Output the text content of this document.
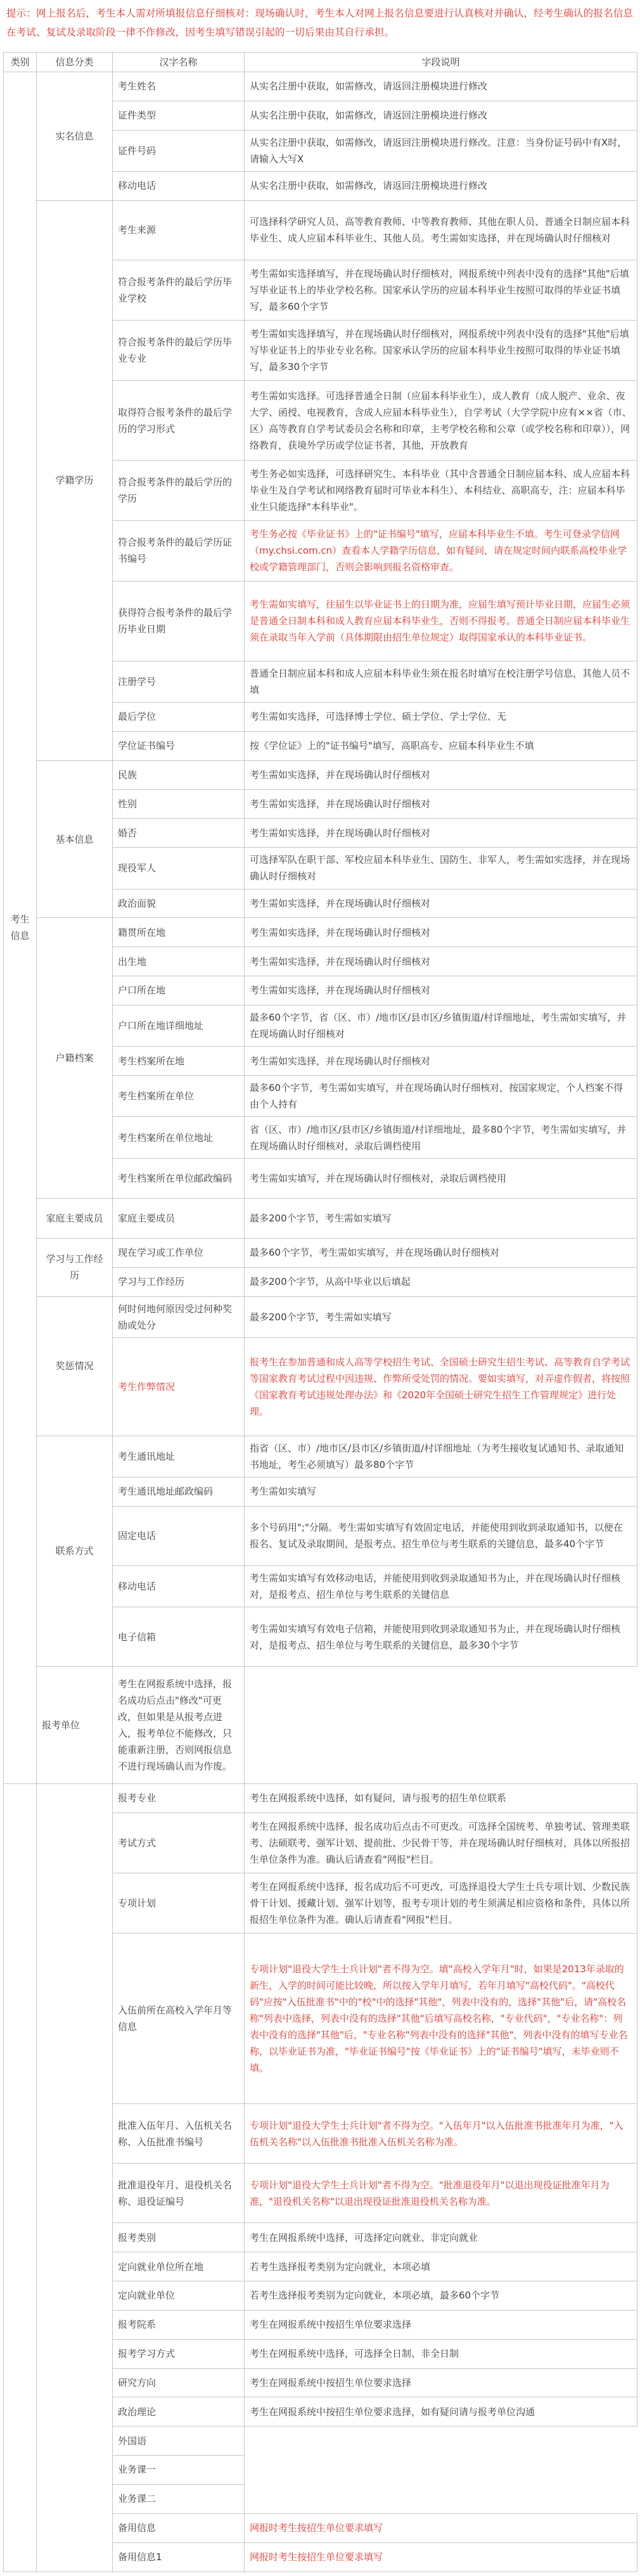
提示：网上报名后，考生本人需对所填报信息仔细核对：现场确认时，考生本人对网上报名信息要进行认真核对并确认，经考生确认的报名信息在考试、复试及录取阶段一律不作修改，因考生填写错误引起的一切后果由其自行承担。
类别	信息分类	汉字名称	字段说明
考生信息	实名信息	考生姓名	从实名注册中获取，如需修改，请返回注册模块进行修改
		证件类型	从实名注册中获取，如需修改，请返回注册模块进行修改
		证件号码	从实名注册中获取，如需修改，请返回注册模块进行修改。注意：当身份证号码中有X时，请输入大写X
		移动电话	从实名注册中获取，如需修改，请返回注册模块进行修改
	学籍学历	考生来源	可选择科学研究人员、高等教育教师、中等教育教师、其他在职人员、普通全日制应届本科毕业生、成人应届本科毕业生、其他人员。考生需如实选择，并在现场确认时仔细核对
		符合报考条件的最后学历毕业学校	考生需如实选择填写，并在现场确认时仔细核对，网报系统中列表中没有的选择"其他"后填写毕业证书上的毕业学校名称。国家承认学历的应届本科毕业生按照可取得的毕业证书填写，最多60个字节
		符合报考条件的最后学历毕业专业	考生需如实选择填写，并在现场确认时仔细核对，网报系统中列表中没有的选择"其他"后填写毕业证书上的毕业专业名称。国家承认学历的应届本科毕业生按照可取得的毕业证书填写，最多30个字节
		取得符合报考条件的最后学历的学习形式	考生需如实选择。可选择普通全日制（应届本科毕业生），成人教育（成人脱产、业余、夜大学、函授、电视教育，含成人应届本科毕业生），自学考试（大学学院中应有××省（市、区）高等教育自学考试委员会名称和印章，主考学校名称和公章（或学校名称和印章）），网络教育，获境外学历或学位证书者，其他，开放教育
		符合报考条件的最后学历的学历	考生务必如实选择，可选择研究生、本科毕业（其中含普通全日制应届本科、成人应届本科毕业生及自学考试和网络教育届时可毕业本科生）、本科结业、高职高专，注：应届本科毕业生只能选择"本科毕业"。
		符合报考条件的最后学历证书编号	考生务必按《毕业证书》上的"证书编号"填写，应届本科毕业生不填。考生可登录学信网（my.chsi.com.cn）查看本人学籍学历信息，如有疑问，请在规定时间内联系高校毕业学校或学籍管理部门，否则会影响到报名资格审查。
		获得符合报考条件的最后学历毕业日期	考生需如实填写，往届生以毕业证书上的日期为准，应届生填写预计毕业日期，应届生必须是普通全日制本科和成人教育应届本科毕业生，否则不得报考。普通全日制应届本科毕业生须在录取当年入学前（具体期限由招生单位规定）取得国家承认的本科毕业证书。
		注册学号	普通全日制应届本科和成人应届本科毕业生须在报名时填写在校注册学号信息，其他人员不填
		最后学位	考生需如实选择，可选择博士学位、硕士学位、学士学位、无
		学位证书编号	按《学位证》上的"证书编号"填写，高职高专、应届本科毕业生不填
	基本信息	民族	考生需如实选择，并在现场确认时仔细核对
		性别	考生需如实选择，并在现场确认时仔细核对
		婚否	考生需如实选择，并在现场确认时仔细核对
		现役军人	可选择军队在职干部、军校应届本科毕业生、国防生、非军人，考生需如实选择，并在现场确认时仔细核对
		政治面貌	考生需如实选择，并在现场确认时仔细核对
	户籍档案	籍贯所在地	考生需如实选择，并在现场确认时仔细核对
		出生地	考生需如实选择，并在现场确认时仔细核对
		户口所在地	考生需如实选择，并在现场确认时仔细核对
		户口所在地详细地址	最多60个字节，省（区、市）/地市区/县市区/乡镇街道/村详细地址，考生需如实填写，并在现场确认时仔细核对
		考生档案所在地	考生需如实选择，并在现场确认时仔细核对
		考生档案所在单位	最多60个字节，考生需如实填写，并在现场确认时仔细核对，按国家规定，个人档案不得由个人持有
		考生档案所在单位地址	省（区、市）/地市区/县市区/乡镇街道/村详细地址，最多80个字节，考生需如实填写，并在现场确认时仔细核对，录取后调档使用
		考生档案所在单位邮政编码	考生需如实填写，并在现场确认时仔细核对，录取后调档使用
	家庭主要成员	家庭主要成员	最多200个字节，考生需如实填写
	学习与工作经历	现在学习或工作单位	最多60个字节，考生需如实填写，并在现场确认时仔细核对
		学习与工作经历	最多200个字节，从高中毕业以后填起
	奖惩情况	何时何地何原因受过何种奖励或处分	最多200个字节，考生需如实填写
		考生作弊情况	报考生在参加普通和成人高等学校招生考试、全国硕士研究生招生考试、高等教育自学考试等国家教育考试过程中因违规、作弊所受处罚的情况。要如实填写，对弄虚作假者，将按照《国家教育考试违规处理办法》和《2020年全国硕士研究生招生工作管理规定》进行处理。
	联系方式	考生通讯地址	指省（区、市）/地市区/县市区/乡镇街道/村详细地址（为考生接收复试通知书、录取通知书地址，考生必须填写）最多80个字节
		考生通讯地址邮政编码	考生需如实填写
		固定电话	多个号码用";"分隔。考生需如实填写有效固定电话，并能使用到收到录取通知书，以便在报名、复试及录取期间，是报考点、招生单位与考生联系的关键信息，最多40个字节
		移动电话	考生需如实填写有效移动电话，并能使用到收到录取通知书为止，并在现场确认时仔细核对，是报考点、招生单位与考生联系的关键信息
		电子信箱	考生需如实填写有效电子信箱，并能使用到收到录取通知书为止，并在现场确认时仔细核对，是报考点、招生单位与考生联系的关键信息，最多30个字节
	报考单位	考生在网报系统中选择，报名成功后点击"修改"可更改，但如果是从报考点进入，报考单位不能修改，只能重新注册，否则网报信息不进行现场确认而为作废。	
		报考专业	考生在网报系统中选择，如有疑问，请与报考的招生单位联系
		考试方式	考生在网报系统中选择，报名成功后点击不可更改。可选择全国统考、单独考试、管理类联考、法硕联考、强军计划、提前批、少民骨干等，并在现场确认时仔细核对，具体以所报招生单位条件为准。确认后请查看"网报"栏目。
		专项计划	考生在网报系统中选择，报名成功后不可更改，可选择退役大学生士兵专项计划、少数民族骨干计划、援藏计划、强军计划等，报考专项计划的考生须满足相应资格和条件，具体以所报招生单位条件为准。确认后请查看"网报"栏目。
		入伍前所在高校入学年月等信息	专项计划"退役大学生士兵计划"者不得为空。填"高校入学年月"时，如果是2013年录取的新生，入学的时间可能比较晚，所以按入学年月填写，若年月填写"高校代码"。"高校代码"应按"入伍批准书"中的"校"中的选择"其他"，列表中没有的，选择"其他"后，请"高校名称"列表中选择，列表中没有的选择"其他"后填写高校名称，"专业代码"，"专业名称"：列表中没有的选择"其他"后，"专业名称"列表中没有的选择"其他"，列表中没有的填写专业名称，以毕业证书为准，"毕业证书编号"按《毕业证书》上的"证书编号"填写，未毕业则不填。
		批准入伍年月、入伍机关名称、入伍批准书编号	专项计划"退役大学生士兵计划"者不得为空。"入伍年月"以入伍批准书批准年月为准，"入伍机关名称"以入伍批准书批准入伍机关名称为准。
		批准退役年月、退役机关名称、退役证编号	专项计划"退役大学生士兵计划"者不得为空。"批准退役年月"以退出现役证批准年月为准，"退役机关名称"以退出现役证批准退役机关名称为准。
		报考类别	考生在网报系统中选择，可选择定向就业、非定向就业
		定向就业单位所在地	若考生选择报考类别为定向就业，本项必填
		定向就业单位	若考生选择报考类别为定向就业，本项必填，最多60个字节
		报考院系	考生在网报系统中按招生单位要求选择
		报考学习方式	考生在网报系统中选择，可选择全日制、非全日制
		研究方向	考生在网报系统中按招生单位要求选择
		政治理论	考生在网报系统中按招生单位要求选择，如有疑问请与报考单位沟通
		外国语	
		业务课一	
		业务课二	
		备用信息	网报时考生按招生单位要求填写
		备用信息1	网报时考生按招生单位要求填写
